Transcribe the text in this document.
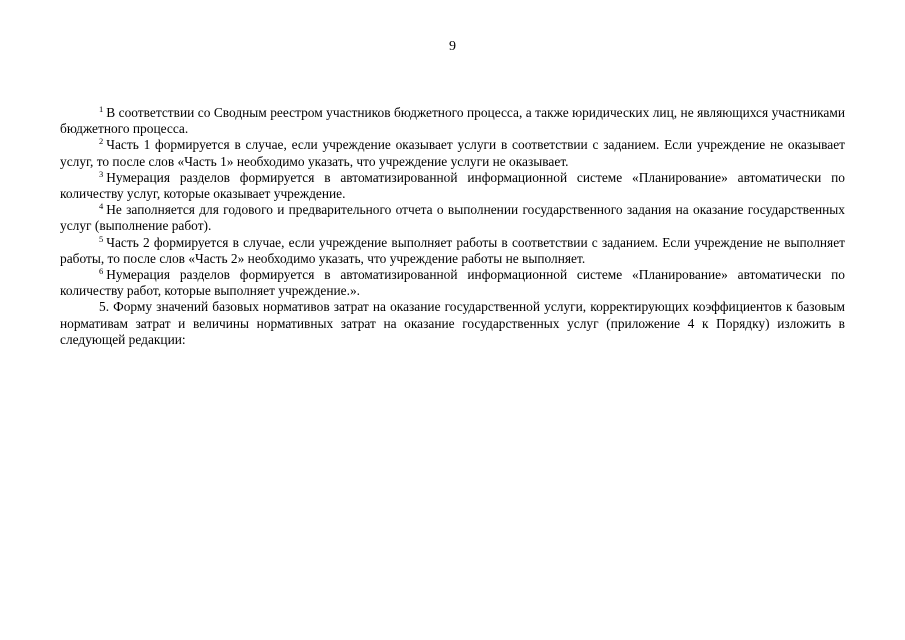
9

$^1$ В соответствии со Сводным реестром участников бюджетного процесса, а также юридических лиц, не являющихся участниками бюджетного процесса.

$^2$ Часть 1 формируется в случае, если учреждение оказывает услуги в соответствии с заданием. Если учреждение не оказывает услуг, то после слов «Часть 1» необходимо указать, что учреждение услуги не оказывает.

$^3$ Нумерация разделов формируется в автоматизированной информационной системе «Планирование» автоматически по количеству услуг, которые оказывает учреждение.

$^4$ Не заполняется для годового и предварительного отчета о выполнении государственного задания на оказание государственных услуг (выполнение работ).

$^5$ Часть 2 формируется в случае, если учреждение выполняет работы в соответствии с заданием. Если учреждение не выполняет работы, то после слов «Часть 2» необходимо указать, что учреждение работы не выполняет.

$^6$ Нумерация разделов формируется в автоматизированной информационной системе «Планирование» автоматически по количеству работ, которые выполняет учреждение.».

5. Форму значений базовых нормативов затрат на оказание государственной услуги, корректирующих коэффициентов к базовым нормативам затрат и величины нормативных затрат на оказание государственных услуг (приложение 4 к Порядку) изложить в следующей редакции:
